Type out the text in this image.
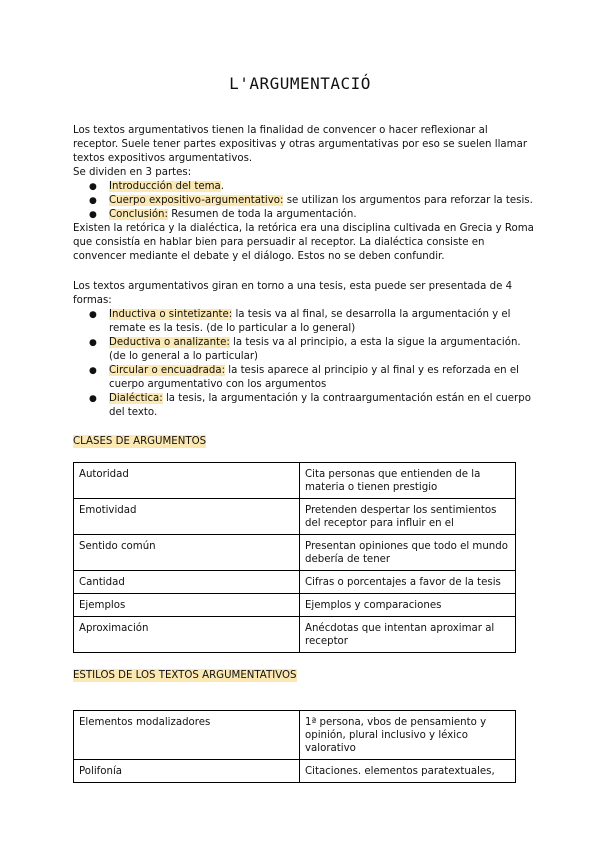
L'ARGUMENTACIÓ

Los textos argumentativos tienen la finalidad de convencer o hacer reflexionar al receptor. Suele tener partes expositivas y otras argumentativas por eso se suelen llamar textos expositivos argumentativos.

Se dividen en 3 partes:

● Introducción del tema.
● Cuerpo expositivo-argumentativo: se utilizan los argumentos para reforzar la tesis.
● Conclusión: Resumen de toda la argumentación.

Existen la retórica y la dialéctica, la retórica era una disciplina cultivada en Grecia y Roma que consistía en hablar bien para persuadir al receptor. La dialéctica consiste en convencer mediante el debate y el diálogo. Estos no se deben confundir.

Los textos argumentativos giran en torno a una tesis, esta puede ser presentada de 4 formas:

● Inductiva o sintetizante: la tesis va al final, se desarrolla la argumentación y el remate es la tesis. (de lo particular a lo general)
● Deductiva o analizante: la tesis va al principio, a esta la sigue la argumentación. (de lo general a lo particular)
● Circular o encuadrada: la tesis aparece al principio y al final y es reforzada en el cuerpo argumentativo con los argumentos
● Dialéctica: la tesis, la argumentación y la contraargumentación están en el cuerpo del texto.
CLASES DE ARGUMENTOS
Autoridad	Cita personas que entienden de la materia o tienen prestigio
Emotividad	Pretenden despertar los sentimientos del receptor para influir en el
Sentido común	Presentan opiniones que todo el mundo debería de tener
Cantidad	Cifras o porcentajes a favor de la tesis
Ejemplos	Ejemplos y comparaciones
Aproximación	Anécdotas que intentan aproximar al receptor
ESTILOS DE LOS TEXTOS ARGUMENTATIVOS
Elementos modalizadores	1ª persona, vbos de pensamiento y opinión, plural inclusivo y léxico valorativo
Polifonía	Citaciones. elementos paratextuales,
